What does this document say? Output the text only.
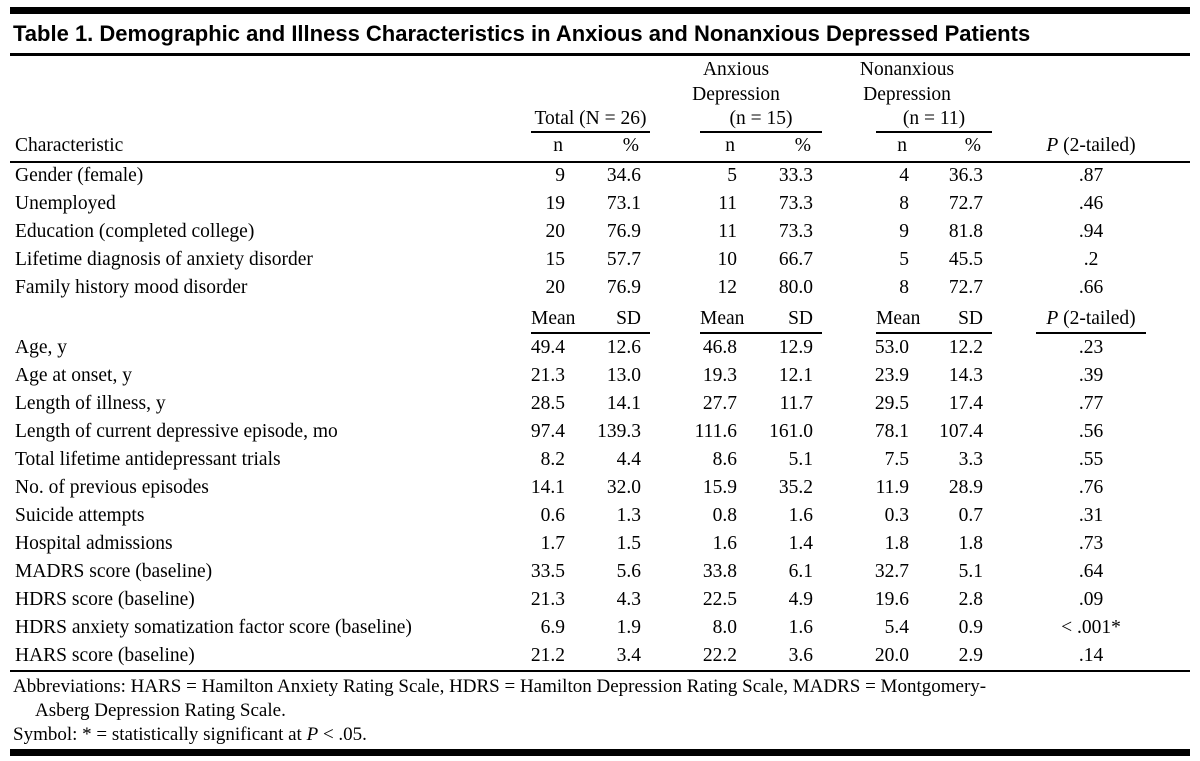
Table 1. Demographic and Illness Characteristics in Anxious and Nonanxious Depressed Patients
			Anxious		Nonanxious		
			Depression		Depression		

	Total (N = 26)		(n = 15)		(n = 11)		

Characteristic	n	%	n	%	n	%	P (2-tailed)
Gender (female)	9	34.6	5	33.3	4	36.3	.87
Unemployed	19	73.1	11	73.3	8	72.7	.46
Education (completed college)	20	76.9	11	73.3	9	81.8	.94
Lifetime diagnosis of anxiety disorder	15	57.7	10	66.7	5	45.5	.2
Family history mood disorder	20	76.9	12	80.0	8	72.7	.66

	Mean SD		Mean SD		Mean SD		P (2-tailed)
Age, y	49.4	12.6	46.8	12.9	53.0	12.2	.23
Age at onset, y	21.3	13.0	19.3	12.1	23.9	14.3	.39
Length of illness, y	28.5	14.1	27.7	11.7	29.5	17.4	.77
Length of current depressive episode, mo	97.4	139.3	111.6	161.0	78.1	107.4	.56
Total lifetime antidepressant trials	8.2	4.4	8.6	5.1	7.5	3.3	.55
No. of previous episodes	14.1	32.0	15.9	35.2	11.9	28.9	.76
Suicide attempts	0.6	1.3	0.8	1.6	0.3	0.7	.31
Hospital admissions	1.7	1.5	1.6	1.4	1.8	1.8	.73
MADRS score (baseline)	33.5	5.6	33.8	6.1	32.7	5.1	.64
HDRS score (baseline)	21.3	4.3	22.5	4.9	19.6	2.8	.09
HDRS anxiety somatization factor score (baseline)	6.9	1.9	8.0	1.6	5.4	0.9	< .001*
HARS score (baseline)	21.2	3.4	22.2	3.6	20.0	2.9	.14
Abbreviations: HARS = Hamilton Anxiety Rating Scale, HDRS = Hamilton Depression Rating Scale, MADRS = Montgomery-
Asberg Depression Rating Scale.
Symbol: * = statistically significant at P < .05.
